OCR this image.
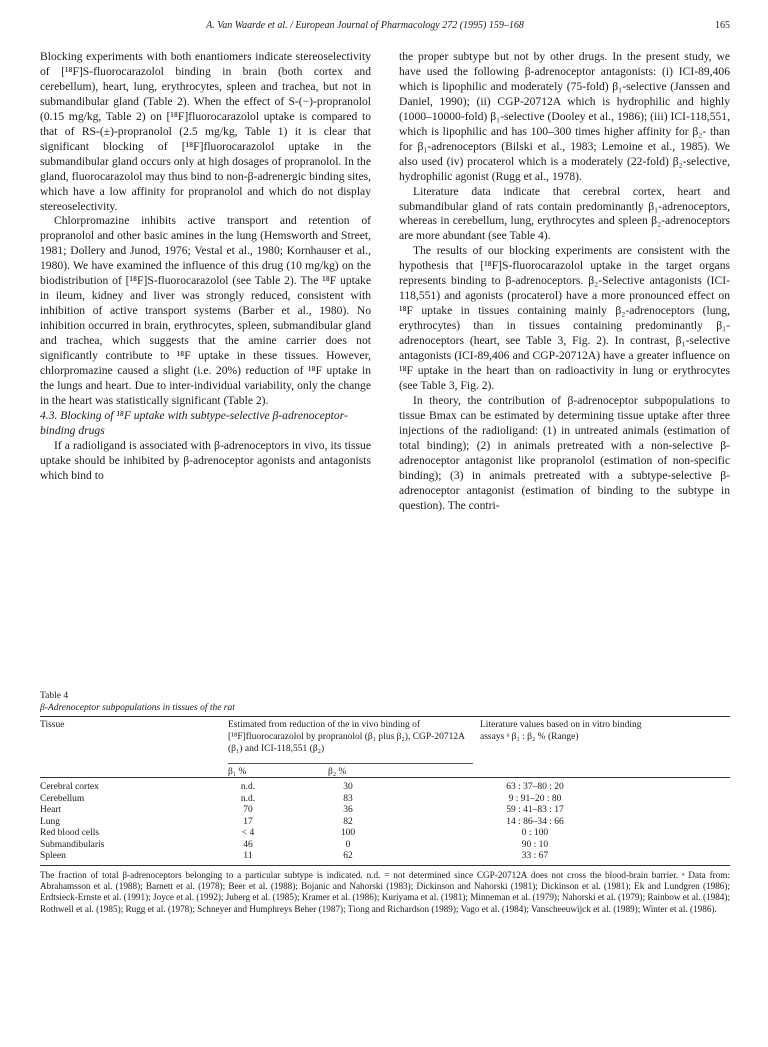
A. Van Waarde et al. / European Journal of Pharmacology 272 (1995) 159–168	165

Blocking experiments with both enantiomers indicate stereoselectivity of [¹⁸F]S-fluorocarazolol binding in brain (both cortex and cerebellum), heart, lung, erythrocytes, spleen and trachea, but not in submandibular gland (Table 2). When the effect of S-(−)-propranolol (0.15 mg/kg, Table 2) on [¹⁸F]fluorocarazolol uptake is compared to that of RS-(±)-propranolol (2.5 mg/kg, Table 1) it is clear that significant blocking of [¹⁸F]fluorocarazolol uptake in the submandibular gland occurs only at high dosages of propranolol. In the gland, fluorocarazolol may thus bind to non-β-adrenergic binding sites, which have a low affinity for propranolol and which do not display stereoselectivity.

Chlorpromazine inhibits active transport and retention of propranolol and other basic amines in the lung (Hemsworth and Street, 1981; Dollery and Junod, 1976; Vestal et al., 1980; Kornhauser et al., 1980). We have examined the influence of this drug (10 mg/kg) on the biodistribution of [¹⁸F]S-fluorocarazolol (see Table 2). The ¹⁸F uptake in ileum, kidney and liver was strongly reduced, consistent with inhibition of active transport systems (Barber et al., 1980). No inhibition occurred in brain, erythrocytes, spleen, submandibular gland and trachea, which suggests that the amine carrier does not significantly contribute to ¹⁸F uptake in these tissues. However, chlorpromazine caused a slight (i.e. 20%) reduction of ¹⁸F uptake in the lungs and heart. Due to inter-individual variability, only the change in the heart was statistically significant (Table 2).

4.3. Blocking of ¹⁸F uptake with subtype-selective β-adrenoceptor-binding drugs

If a radioligand is associated with β-adrenoceptors in vivo, its tissue uptake should be inhibited by β-adrenoceptor agonists and antagonists which bind to

the proper subtype but not by other drugs. In the present study, we have used the following β-adrenoceptor antagonists: (i) ICI-89,406 which is lipophilic and moderately (75-fold) β₁-selective (Janssen and Daniel, 1990); (ii) CGP-20712A which is hydrophilic and highly (1000–10000-fold) β₁-selective (Dooley et al., 1986); (iii) ICI-118,551, which is lipophilic and has 100–300 times higher affinity for β₂- than for β₁-adrenoceptors (Bilski et al., 1983; Lemoine et al., 1985). We also used (iv) procaterol which is a moderately (22-fold) β₂-selective, hydrophilic agonist (Rugg et al., 1978).

Literature data indicate that cerebral cortex, heart and submandibular gland of rats contain predominantly β₁-adrenoceptors, whereas in cerebellum, lung, erythrocytes and spleen β₂-adrenoceptors are more abundant (see Table 4).

The results of our blocking experiments are consistent with the hypothesis that [¹⁸F]S-fluorocarazolol uptake in the target organs represents binding to β-adrenoceptors. β₂-Selective antagonists (ICI-118,551) and agonists (procaterol) have a more pronounced effect on ¹⁸F uptake in tissues containing mainly β₂-adrenoceptors (lung, erythrocytes) than in tissues containing predominantly β₁-adrenoceptors (heart, see Table 3, Fig. 2). In contrast, β₁-selective antagonists (ICI-89,406 and CGP-20712A) have a greater influence on ¹⁸F uptake in the heart than on radioactivity in lung or erythrocytes (see Table 3, Fig. 2).

In theory, the contribution of β-adrenoceptor subpopulations to tissue Bmax can be estimated by determining tissue uptake after three injections of the radioligand: (1) in untreated animals (estimation of total binding); (2) in animals pretreated with a non-selective β-adrenoceptor antagonist like propranolol (estimation of non-specific binding); (3) in animals pretreated with a subtype-selective β-adrenoceptor antagonist (estimation of binding to the subtype in question). The contri-

Table 4

β-Adrenoceptor subpopulations in tissues of the rat

Tissue	Estimated from reduction of the in vivo binding of [¹⁸F]fluorocarazolol by propranolol (β₁ plus β₂), CGP-20712A (β₁) and ICI-118,551 (β₂)
Literature values based on in vitro binding assays ᵃ β₁ : β₂ % (Range)
β₁ %	β₂ %
Cerebral cortex	n.d.	30	63 : 37–80 : 20
Cerebellum	n.d.	83	9 : 91–20 : 80
Heart	70	36	59 : 41–83 : 17
Lung	17	82	14 : 86–34 : 66
Red blood cells	< 4	100	0 : 100
Submandibularis	46	0	90 : 10
Spleen	11	62	33 : 67

The fraction of total β-adrenoceptors belonging to a particular subtype is indicated. n.d. = not determined since CGP-20712A does not cross the blood-brain barrier. ᵃ Data from: Abrahamsson et al. (1988); Barnett et al. (1978); Beer et al. (1988); Bojanic and Nahorski (1983); Dickinson and Nahorski (1981); Dickinson et al. (1981); Ek and Lundgren (1986); Erdtsieck-Ernste et al. (1991); Joyce et al. (1992); Juberg et al. (1985); Kramer et al. (1986); Kuriyama et al. (1981); Minneman et al. (1979); Nahorski et al. (1979); Rainbow et al. (1984); Rothwell et al. (1985); Rugg et al. (1978); Schneyer and Humphreys Beher (1987); Tiong and Richardson (1989); Vago et al. (1984); Vanscheeuwijck et al. (1989); Winter et al. (1986).
